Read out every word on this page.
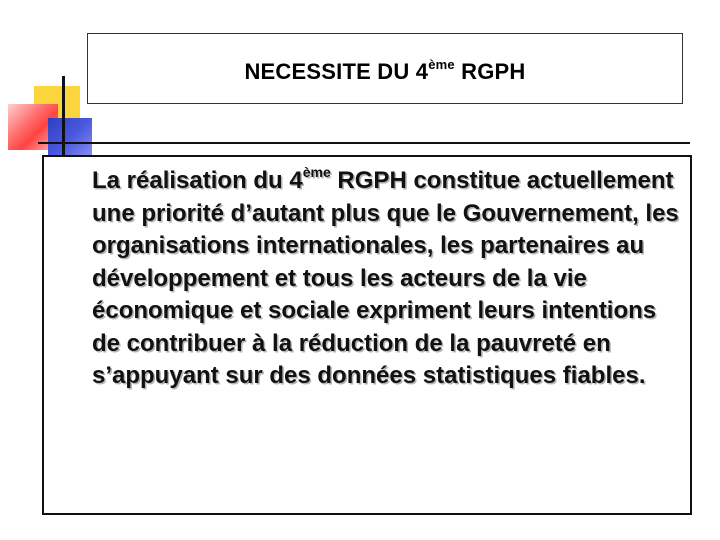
NECESSITE DU 4ème RGPH

La réalisation du 4ème RGPH constitue actuellement une priorité d’autant plus que le Gouvernement, les organisations internationales, les partenaires au développement et tous les acteurs de la vie économique et sociale expriment leurs intentions de contribuer à la réduction de la pauvreté en s’appuyant sur des données statistiques fiables.
